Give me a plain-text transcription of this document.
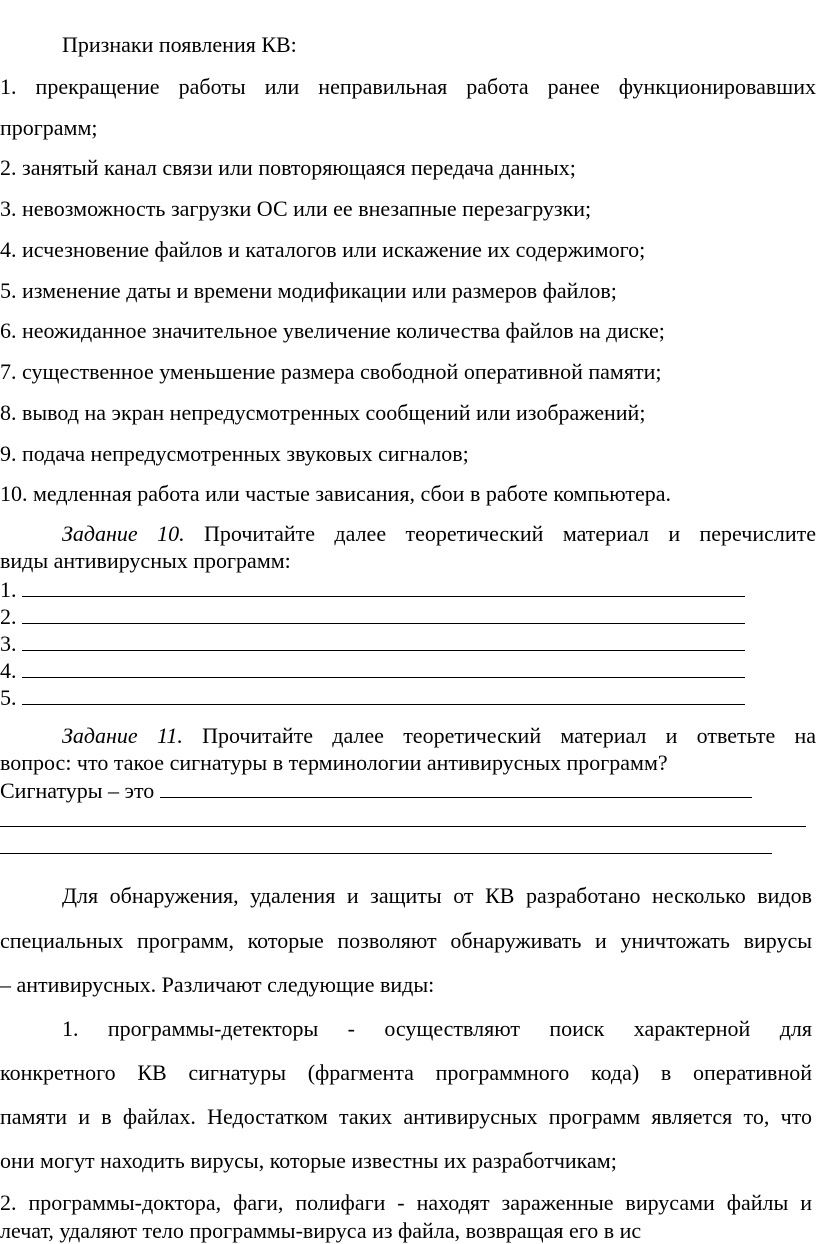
Признаки появления КВ:
1. прекращение работы или неправильная работа ранее функционировавших
программ;
2. занятый канал связи или повторяющаяся передача данных;
3. невозможность загрузки ОС или ее внезапные перезагрузки;
4. исчезновение файлов и каталогов или искажение их содержимого;
5. изменение даты и времени модификации или размеров файлов;
6. неожиданное значительное увеличение количества файлов на диске;
7. существенное уменьшение размера свободной оперативной памяти;
8. вывод на экран непредусмотренных сообщений или изображений;
9. подача непредусмотренных звуковых сигналов;
10. медленная работа или частые зависания, сбои в работе компьютера.
Задание 10. Прочитайте далее теоретический материал и перечислите
виды антивирусных программ:
1.
2.
3.
4.
5.
Задание 11. Прочитайте далее теоретический материал и ответьте на
вопрос: что такое сигнатуры в терминологии антивирусных программ?
Сигнатуры – это
Для обнаружения, удаления и защиты от КВ разработано несколько видов
специальных программ, которые позволяют обнаруживать и уничтожать вирусы
– антивирусных. Различают следующие виды:
1. программы-детекторы - осуществляют поиск характерной для
конкретного КВ сигнатуры (фрагмента программного кода) в оперативной
памяти и в файлах. Недостатком таких антивирусных программ является то, что
они могут находить вирусы, которые известны их разработчикам;
2. программы-доктора, фаги, полифаги - находят зараженные вирусами файлы и
лечат, удаляют тело программы-вируса из файла, возвращая его в ис
